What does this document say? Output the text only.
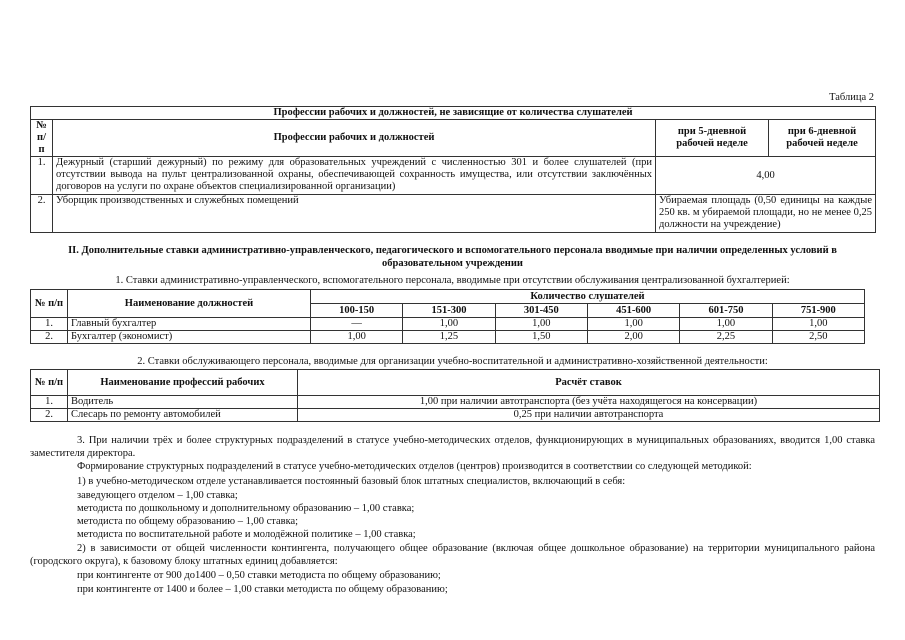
Таблица 2
Профессии рабочих и должностей, не зависящие от количества слушателей			
№ п/п	Профессии рабочих и должностей	при 5-дневной рабочей неделе	при 6-дневной рабочей неделе
1.	Дежурный (старший дежурный) по режиму для образовательных учреждений с численностью 301 и более слушателей (при отсутствии вывода на пульт централизованной охраны, обеспечивающей сохранность имущества, или отсутствии заключённых договоров на услуги по охране объектов специализированной организации)	4,00	
2.	Уборщик производственных и служебных помещений	Убираемая площадь (0,50 единицы на каждые 250 кв. м убираемой площади, но не менее 0,25 должности на учреждение)	
II. Дополнительные ставки административно-управленческого, педагогического и вспомогательного персонала вводимые при наличии определенных условий в образовательном учреждении
1. Ставки административно-управленческого, вспомогательного персонала, вводимые при отсутствии обслуживания централизованной бухгалтерией:
№ п/п	Наименование должностей	Количество слушателей					
		100-150	151-300	301-450	451-600	601-750	751-900
1.	Главный бухгалтер	—	1,00	1,00	1,00	1,00	1,00
2.	Бухгалтер (экономист)	1,00	1,25	1,50	2,00	2,25	2,50
2. Ставки обслуживающего персонала, вводимые для организации учебно-воспитательной и административно-хозяйственной деятельности:
№ п/п	Наименование профессий рабочих	Расчёт ставок
1.	Водитель	1,00 при наличии автотранспорта (без учёта находящегося на консервации)
2.	Слесарь по ремонту автомобилей	0,25 при наличии автотранспорта
3. При наличии трёх и более структурных подразделений в статусе учебно-методических отделов, функционирующих в муниципальных образованиях, вводится 1,00 ставка заместителя директора.
Формирование структурных подразделений в статусе учебно-методических отделов (центров) производится в соответствии со следующей методикой:
1) в учебно-методическом отделе устанавливается постоянный базовый блок штатных специалистов, включающий в себя:
заведующего отделом – 1,00 ставка;
методиста по дошкольному и дополнительному образованию – 1,00 ставка;
методиста по общему образованию – 1,00 ставка;
методиста по воспитательной работе и молодёжной политике – 1,00 ставка;
2) в зависимости от общей численности контингента, получающего общее образование (включая общее дошкольное образование) на территории муниципального района (городского округа), к базовому блоку штатных единиц добавляется:
при контингенте от 900 до1400 – 0,50 ставки методиста по общему образованию;
при контингенте от 1400 и более – 1,00 ставки методиста по общему образованию;
